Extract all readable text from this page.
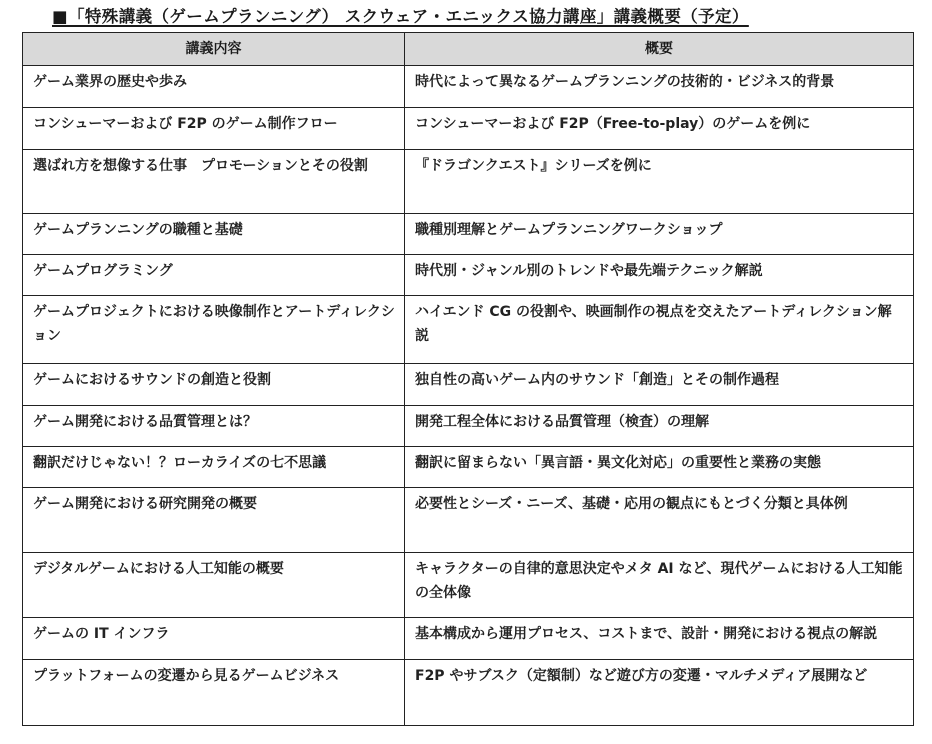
■「特殊講義（ゲームプランニング） スクウェア・エニックス協力講座」講義概要（予定）
講義内容	概要
ゲーム業界の歴史や歩み	時代によって異なるゲームプランニングの技術的・ビジネス的背景
コンシューマーおよび F2P のゲーム制作フロー	コンシューマーおよび F2P（Free-to-play）のゲームを例に
選ばれ方を想像する仕事　プロモーションとその役割	『ドラゴンクエスト』シリーズを例に
ゲームプランニングの職種と基礎	職種別理解とゲームプランニングワークショップ
ゲームプログラミング	時代別・ジャンル別のトレンドや最先端テクニック解説
ゲームプロジェクトにおける映像制作とアートディレクション	ハイエンド CG の役割や、映画制作の視点を交えたアートディレクション解説
ゲームにおけるサウンドの創造と役割	独自性の高いゲーム内のサウンド「創造」とその制作過程
ゲーム開発における品質管理とは？	開発工程全体における品質管理（検査）の理解
翻訳だけじゃない！？ローカライズの七不思議	翻訳に留まらない「異言語・異文化対応」の重要性と業務の実態
ゲーム開発における研究開発の概要	必要性とシーズ・ニーズ、基礎・応用の観点にもとづく分類と具体例
デジタルゲームにおける人工知能の概要	キャラクターの自律的意思決定やメタ AI など、現代ゲームにおける人工知能の全体像
ゲームの IT インフラ	基本構成から運用プロセス、コストまで、設計・開発における視点の解説
プラットフォームの変遷から見るゲームビジネス	F2P やサブスク（定額制）など遊び方の変遷・マルチメディア展開など
